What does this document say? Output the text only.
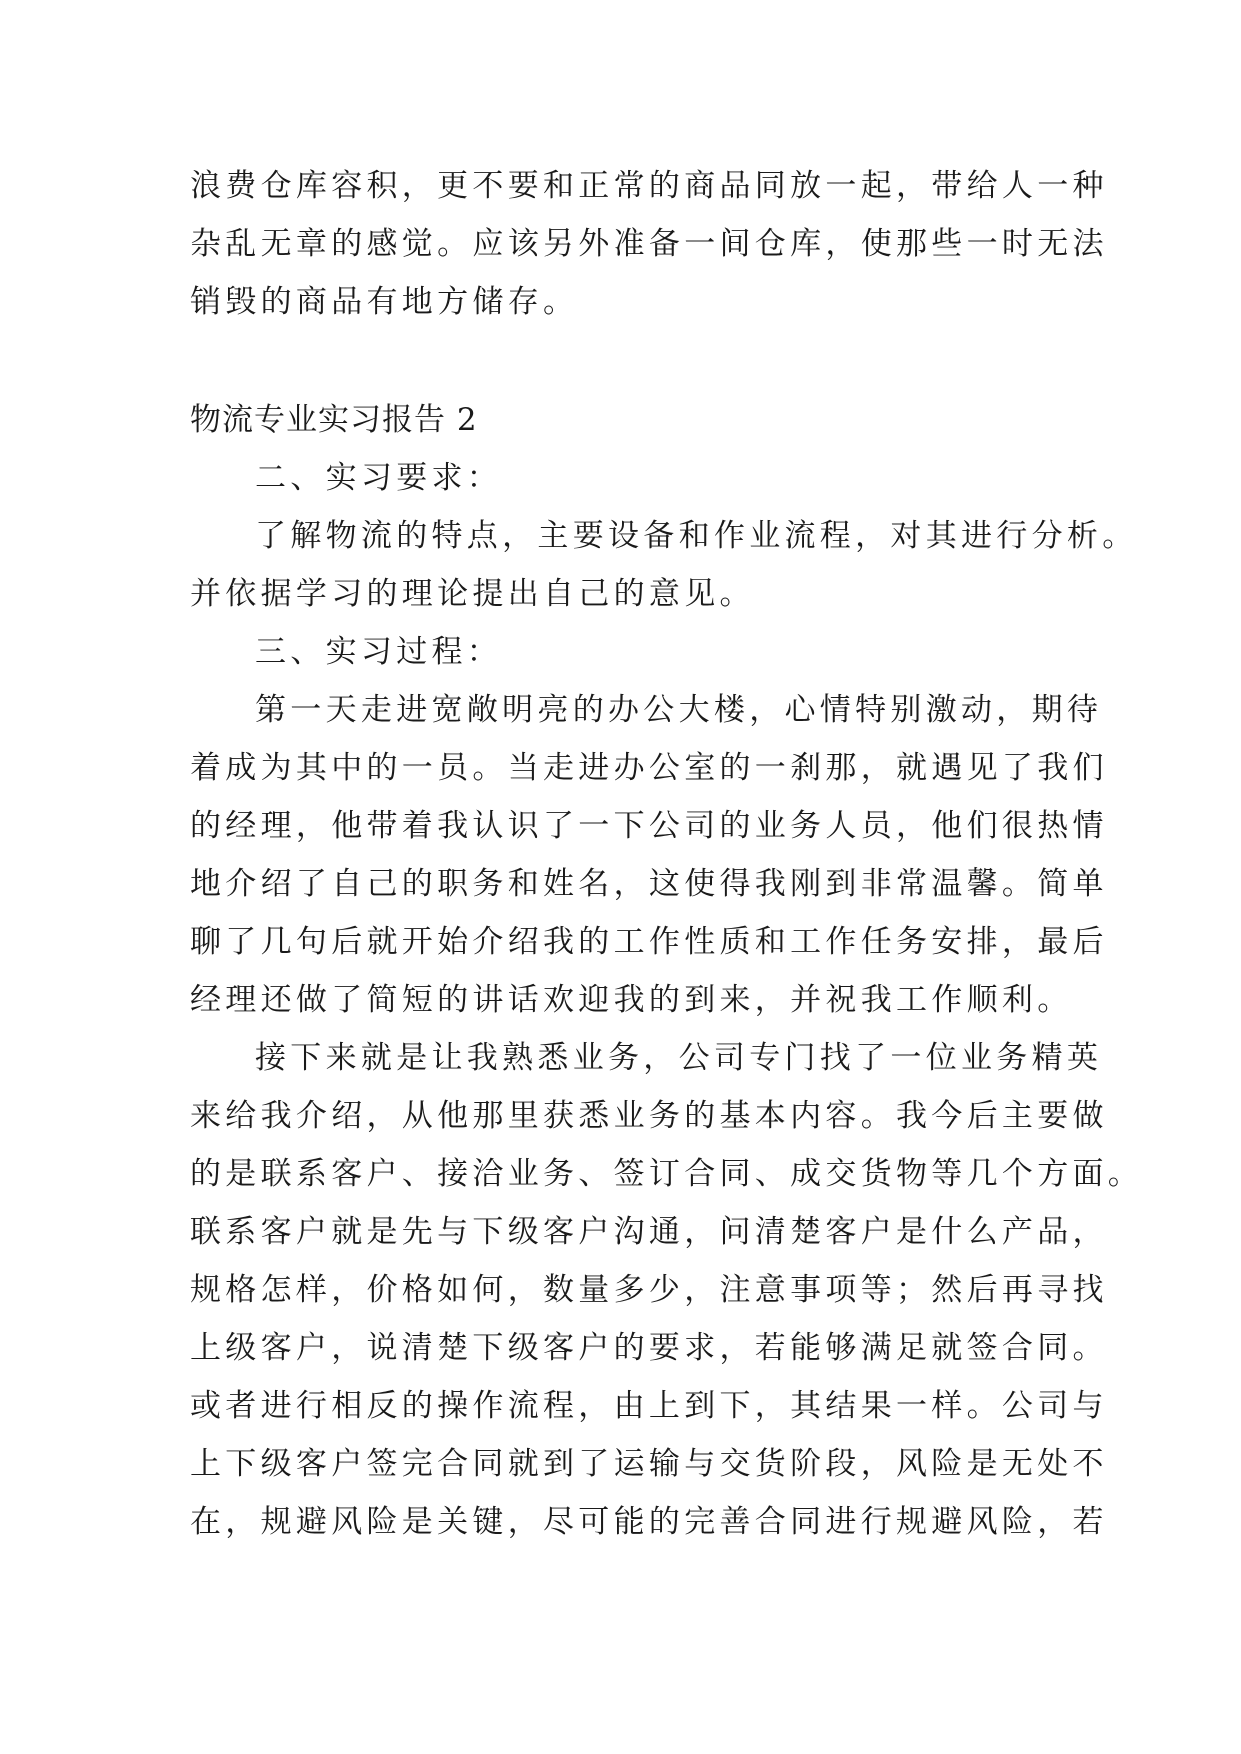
浪费仓库容积，更不要和正常的商品同放一起，带给人一种
杂乱无章的感觉。应该另外准备一间仓库，使那些一时无法
销毁的商品有地方储存。
物流专业实习报告 2
二、实习要求：
了解物流的特点，主要设备和作业流程，对其进行分析。
并依据学习的理论提出自己的意见。
三、实习过程：
第一天走进宽敞明亮的办公大楼，心情特别激动，期待
着成为其中的一员。当走进办公室的一刹那，就遇见了我们
的经理，他带着我认识了一下公司的业务人员，他们很热情
地介绍了自己的职务和姓名，这使得我刚到非常温馨。简单
聊了几句后就开始介绍我的工作性质和工作任务安排，最后
经理还做了简短的讲话欢迎我的到来，并祝我工作顺利。
接下来就是让我熟悉业务，公司专门找了一位业务精英
来给我介绍，从他那里获悉业务的基本内容。我今后主要做
的是联系客户、接洽业务、签订合同、成交货物等几个方面。
联系客户就是先与下级客户沟通，问清楚客户是什么产品，
规格怎样，价格如何，数量多少，注意事项等；然后再寻找
上级客户，说清楚下级客户的要求，若能够满足就签合同。
或者进行相反的操作流程，由上到下，其结果一样。公司与
上下级客户签完合同就到了运输与交货阶段，风险是无处不
在，规避风险是关键，尽可能的完善合同进行规避风险，若
